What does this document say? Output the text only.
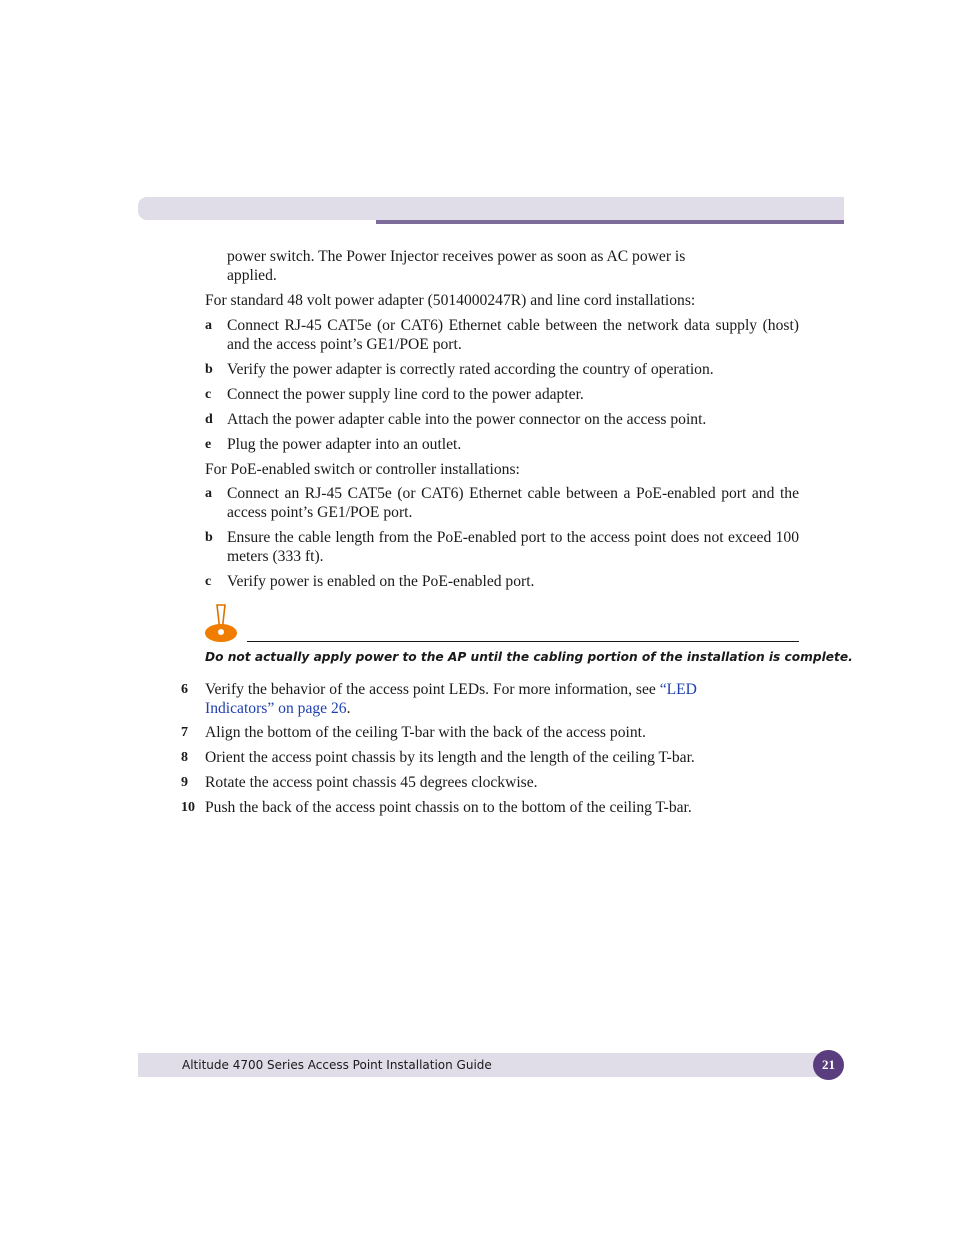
power switch. The Power Injector receives power as soon as AC power is
applied.
For standard 48 volt power adapter (5014000247R) and line cord installations:
a Connect RJ-45 CAT5e (or CAT6) Ethernet cable between the network data supply (host) and the access point’s GE1/POE port.
b Verify the power adapter is correctly rated according the country of operation.
c	Connect the power supply line cord to the power adapter.
d Attach the power adapter cable into the power connector on the access point.
e	Plug the power adapter into an outlet.
For PoE-enabled switch or controller installations:
a Connect an RJ-45 CAT5e (or CAT6) Ethernet cable between a PoE-enabled port and the access point’s GE1/POE port.
b Ensure the cable length from the PoE-enabled port to the access point does not exceed 100 meters (333 ft).
c	Verify power is enabled on the PoE-enabled port.
Do not actually apply power to the AP until the cabling portion of the installation is complete.
6	Verify the behavior of the access point LEDs. For more information, see “LED Indicators” on page 26.
7	Align the bottom of the ceiling T-bar with the back of the access point.
8	Orient the access point chassis by its length and the length of the ceiling T-bar.
9	Rotate the access point chassis 45 degrees clockwise.
10 Push the back of the access point chassis on to the bottom of the ceiling T-bar.
Altitude 4700 Series Access Point Installation Guide	21
